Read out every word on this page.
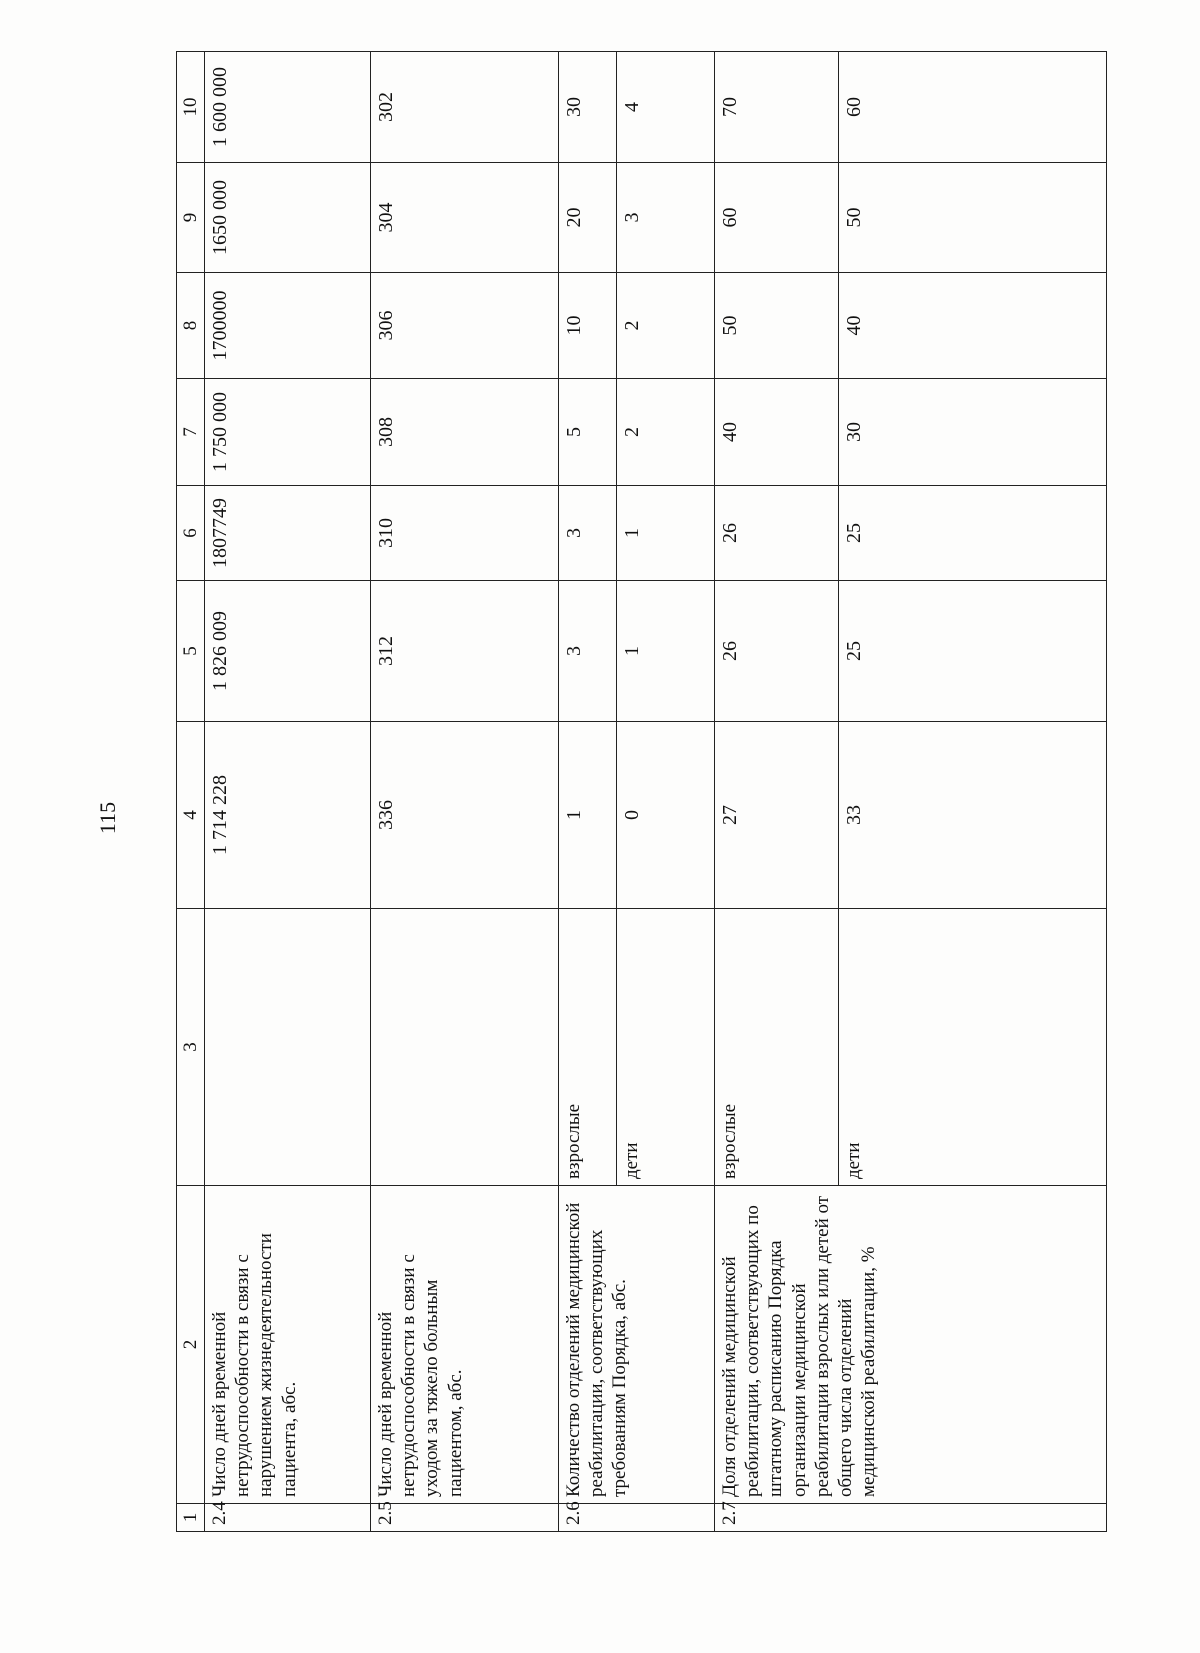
115
1	2	3	4	5	6	7	8	9	10
2.4	Число дней временной нетрудоспособности в связи с нарушением жизнедеятельности пациента, абс.		1 714 228	1 826 009	1807749	1 750 000	1700000	1650 000	1 600 000
2.5	Число дней временной нетрудоспособности в связи с уходом за тяжело больным пациентом, абс.		336	312	310	308	306	304	302
2.6	Количество отделений медицинской реабилитации, соответствующих требованиям Порядка, абс.	взрослые	1	3	3	5	10	20	30
		дети	0	1	1	2	2	3	4
2.7	Доля отделений медицинской реабилитации, соответствующих по штатному расписанию Порядка организации медицинской реабилитации взрослых или детей от общего числа отделений медицинской реабилитации, %	взрослые	27	26	26	40	50	60	70
		дети	33	25	25	30	40	50	60
